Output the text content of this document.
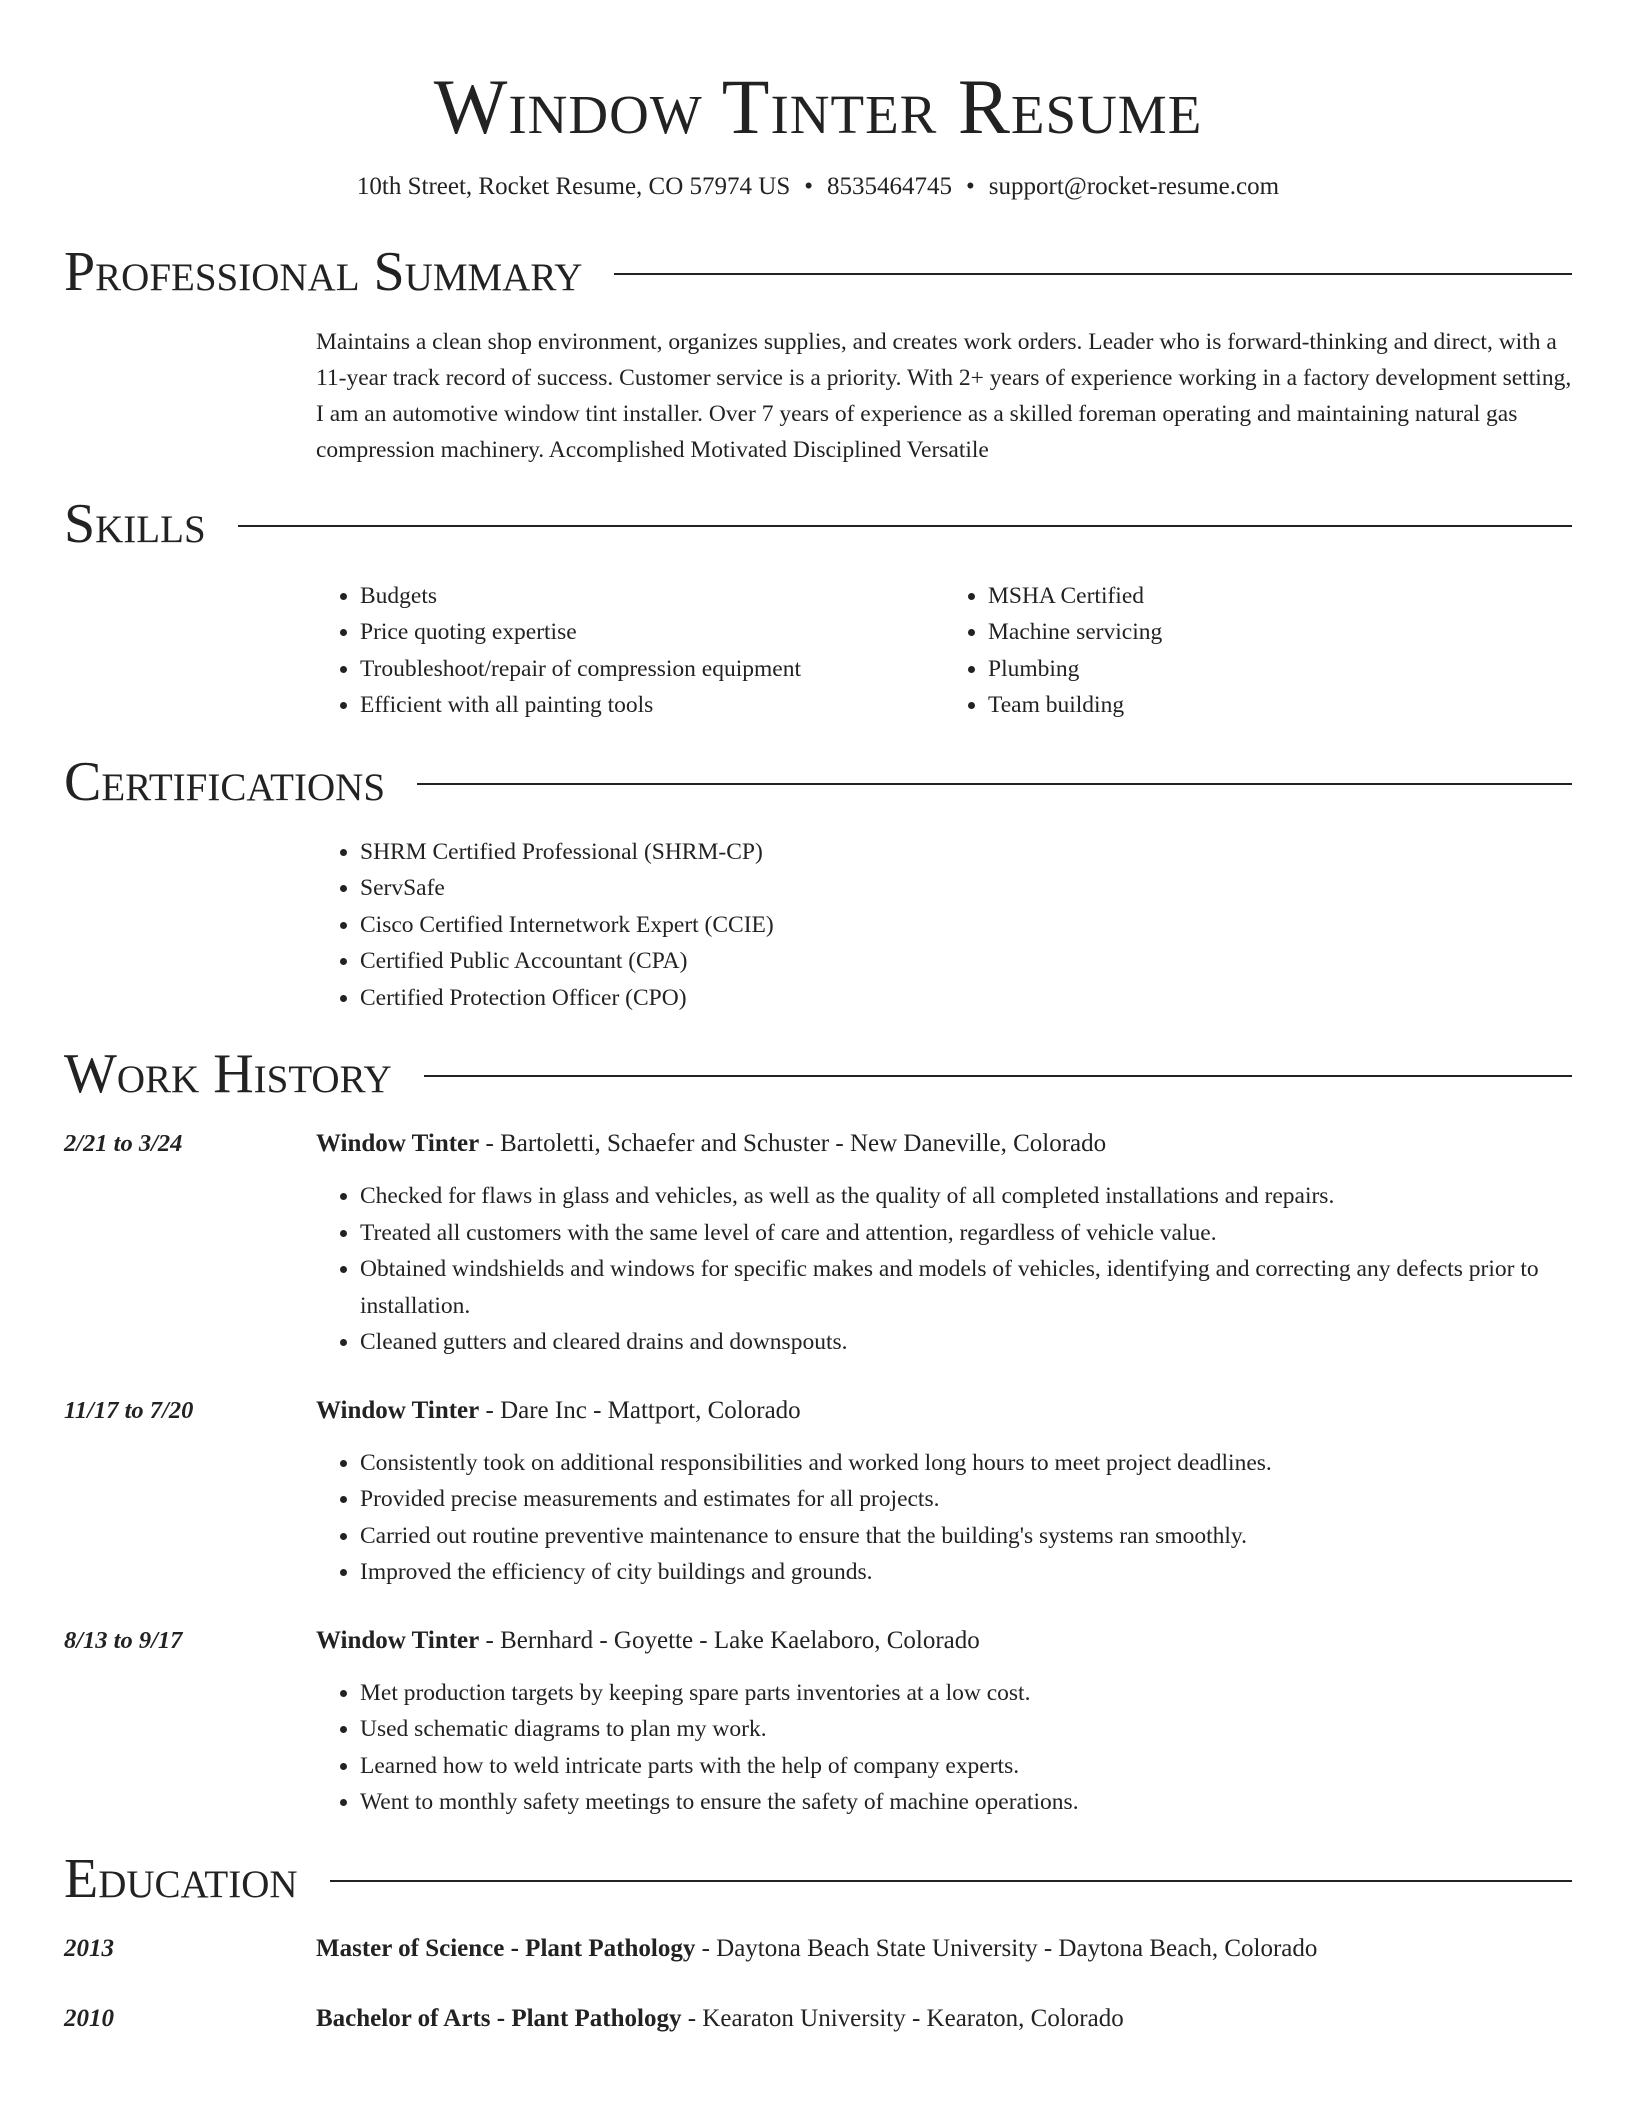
Window Tinter Resume
10th Street, Rocket Resume, CO 57974 US • 8535464745 • support@rocket-resume.com
Professional Summary
Maintains a clean shop environment, organizes supplies, and creates work orders. Leader who is forward-thinking and direct, with a 11-year track record of success. Customer service is a priority. With 2+ years of experience working in a factory development setting, I am an automotive window tint installer. Over 7 years of experience as a skilled foreman operating and maintaining natural gas compression machinery. Accomplished Motivated Disciplined Versatile
Skills
• Budgets
• Price quoting expertise
• Troubleshoot/repair of compression equipment
• Efficient with all painting tools
• MSHA Certified
• Machine servicing
• Plumbing
• Team building
Certifications
• SHRM Certified Professional (SHRM-CP)
• ServSafe
• Cisco Certified Internetwork Expert (CCIE)
• Certified Public Accountant (CPA)
• Certified Protection Officer (CPO)
Work History
2/21 to 3/24	Window Tinter - Bartoletti, Schaefer and Schuster - New Daneville, Colorado
• Checked for flaws in glass and vehicles, as well as the quality of all completed installations and repairs.
• Treated all customers with the same level of care and attention, regardless of vehicle value.
• Obtained windshields and windows for specific makes and models of vehicles, identifying and correcting any defects prior to installation.
• Cleaned gutters and cleared drains and downspouts.
11/17 to 7/20	Window Tinter - Dare Inc - Mattport, Colorado
• Consistently took on additional responsibilities and worked long hours to meet project deadlines.
• Provided precise measurements and estimates for all projects.
• Carried out routine preventive maintenance to ensure that the building's systems ran smoothly.
• Improved the efficiency of city buildings and grounds.
8/13 to 9/17	Window Tinter - Bernhard - Goyette - Lake Kaelaboro, Colorado
• Met production targets by keeping spare parts inventories at a low cost.
• Used schematic diagrams to plan my work.
• Learned how to weld intricate parts with the help of company experts.
• Went to monthly safety meetings to ensure the safety of machine operations.
Education
2013	Master of Science - Plant Pathology - Daytona Beach State University - Daytona Beach, Colorado
2010	Bachelor of Arts - Plant Pathology - Kearaton University - Kearaton, Colorado
